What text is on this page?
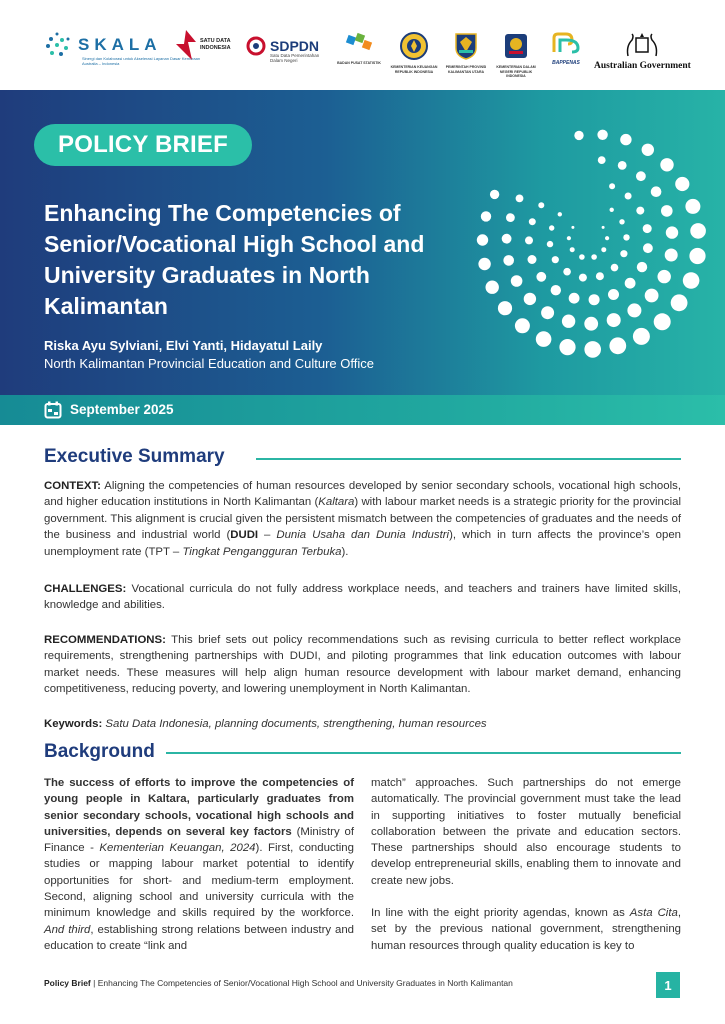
SKALA
Sinergi dan Kolaborasi untuk Akselerasi Layanan Dasar Kemitraan Australia – Indonesia
SATU DATA INDONESIA	SDPDN
Satu Data Pemerintahan Dalam Negeri	BADAN PUSAT STATISTIK
KEMENTERIAN KEUANGAN REPUBLIK INDONESIA
PEMERINTAH PROVINSI KALIMANTAN UTARA
KEMENTERIAN DALAM NEGERI REPUBLIK INDONESIA
BAPPENAS Australian Government
POLICY BRIEF
Enhancing The Competencies of Senior/Vocational High School and University Graduates in North Kalimantan
Riska Ayu Sylviani, Elvi Yanti, Hidayatul Laily
North Kalimantan Provincial Education and Culture Office
September 2025
Executive Summary

CONTEXT: Aligning the competencies of human resources developed by senior secondary schools, vocational high schools, and higher education institutions in North Kalimantan (Kaltara) with labour market needs is a strategic priority for the provincial government. This alignment is crucial given the persistent mismatch between the competencies of graduates and the needs of the business and industrial world (DUDI – Dunia Usaha dan Dunia Industri), which in turn affects the province’s open unemployment rate (TPT – Tingkat Pengangguran Terbuka).

CHALLENGES: Vocational curricula do not fully address workplace needs, and teachers and trainers have limited skills, knowledge and abilities.

RECOMMENDATIONS: This brief sets out policy recommendations such as revising curricula to better reflect workplace requirements, strengthening partnerships with DUDI, and piloting programmes that link education outcomes with labour market needs. These measures will help align human resource development with labour market demand, enhancing competitiveness, reducing poverty, and lowering unemployment in North Kalimantan.

Keywords: Satu Data Indonesia, planning documents, strengthening, human resources

Background

The success of efforts to improve the competencies of young people in Kaltara, particularly graduates from senior secondary schools, vocational high schools and universities, depends on several key factors (Ministry of Finance - Kementerian Keuangan, 2024). First, conducting studies or mapping labour market potential to identify opportunities for short- and medium-term employment. Second, aligning school and university curricula with the minimum knowledge and skills required by the workforce. And third, establishing strong relations between industry and education to create “link and

match” approaches. Such partnerships do not emerge automatically. The provincial government must take the lead in supporting initiatives to foster mutually beneficial collaboration between the private and education sectors. These partnerships should also encourage students to develop entrepreneurial skills, enabling them to innovate and create new jobs.

In line with the eight priority agendas, known as Asta Cita, set by the previous national government, strengthening human resources through quality education is key to

Policy Brief | Enhancing The Competencies of Senior/Vocational High School and University Graduates in North Kalimantan	1
